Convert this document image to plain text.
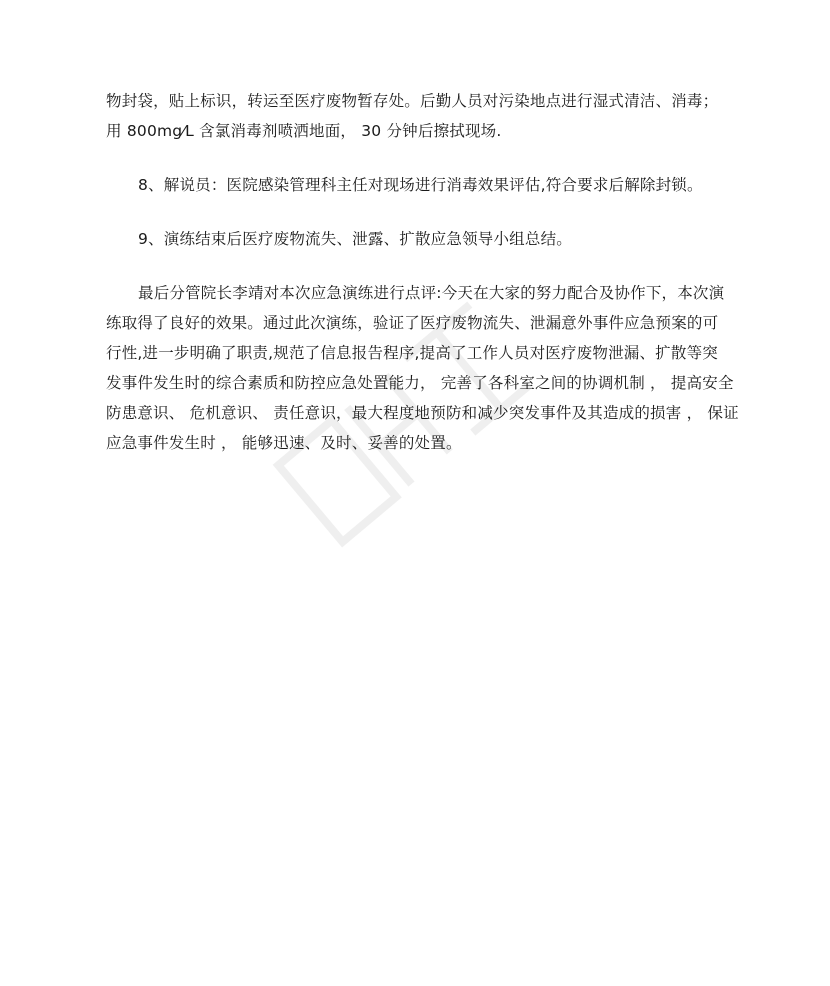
物封袋，贴上标识，转运至医疗废物暂存处。后勤人员对污染地点进行湿式清洁、消毒；
用 800mg⁄L 含氯消毒剂喷洒地面， 30 分钟后擦拭现场.
8、解说员：医院感染管理科主任对现场进行消毒效果评估,符合要求后解除封锁。
9、演练结束后医疗废物流失、泄露、扩散应急领导小组总结。
最后分管院长李靖对本次应急演练进行点评:今天在大家的努力配合及协作下，本次演
练取得了良好的效果。通过此次演练，验证了医疗废物流失、泄漏意外事件应急预案的可
行性,进一步明确了职责,规范了信息报告程序,提高了工作人员对医疗废物泄漏、扩散等突
发事件发生时的综合素质和防控应急处置能力， 完善了各科室之间的协调机制 ， 提高安全
防患意识、 危机意识、 责任意识，最大程度地预防和减少突发事件及其造成的损害 ， 保证
应急事件发生时 ， 能够迅速、及时、妥善的处置。
